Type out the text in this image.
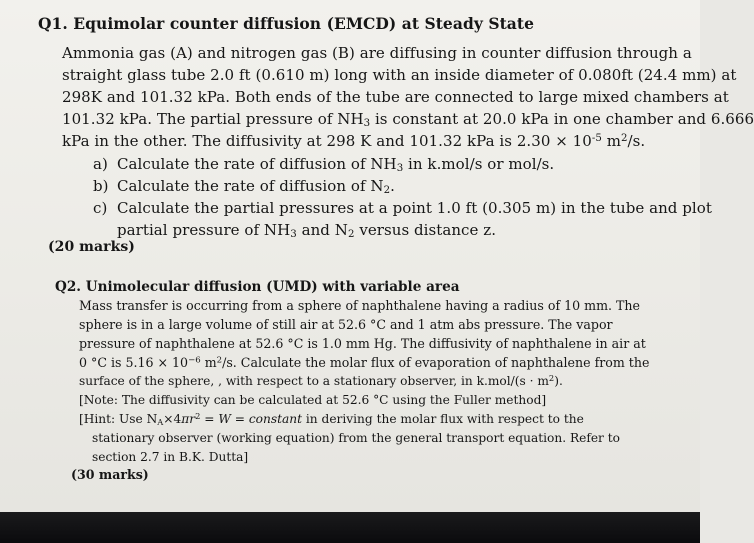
Q1. Equimolar counter diffusion (EMCD) at Steady State
Ammonia gas (A) and nitrogen gas (B) are diffusing in counter diffusion through a
straight glass tube 2.0 ft (0.610 m) long with an inside diameter of 0.080ft (24.4 mm) at
298K and 101.32 kPa. Both ends of the tube are connected to large mixed chambers at
101.32 kPa. The partial pressure of $NH_3$ is constant at 20.0 kPa in one chamber and 6.666
kPa in the other. The diffusivity at 298 K and 101.32 kPa is $2.30 \times 10^{-5}$ $m^2/s$.
a) Calculate the rate of diffusion of $NH_3$ in k.mol/s or mol/s.
b) Calculate the rate of diffusion of $N_2$.
c) Calculate the partial pressures at a point 1.0 ft (0.305 m) in the tube and plot
partial pressure of $NH_3$ and $N_2$ versus distance z.
(20 marks)
Q2. Unimolecular diffusion (UMD) with variable area
Mass transfer is occurring from a sphere of naphthalene having a radius of 10 mm. The
sphere is in a large volume of still air at 52.6 °C and 1 atm abs pressure. The vapor
pressure of naphthalene at 52.6 °C is 1.0 mm Hg. The diffusivity of naphthalene in air at
0 °C is $5.16 \times 10^{-6}$ $m^2/s$. Calculate the molar flux of evaporation of naphthalene from the
surface of the sphere, , with respect to a stationary observer, in $k.mol/(s \cdot m^2)$.
[Note: The diffusivity can be calculated at 52.6 °C using the Fuller method]
[Hint: Use $N_A\times 4\pi r^2 = W$ = constant in deriving the molar flux with respect to the
stationary observer (working equation) from the general transport equation. Refer to
section 2.7 in B.K. Dutta]
(30 marks)
